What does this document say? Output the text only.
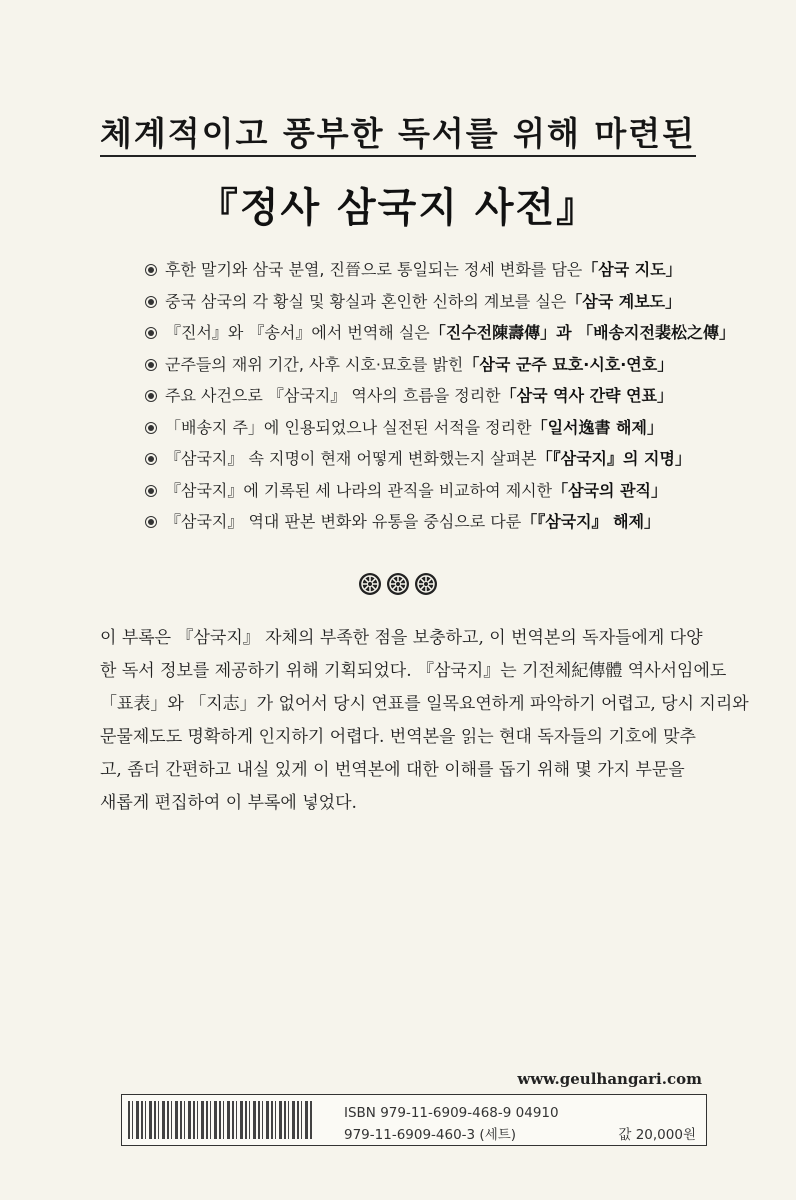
체계적이고 풍부한 독서를 위해 마련된
『정사 삼국지 사전』
후한 말기와 삼국 분열, 진晉으로 통일되는 정세 변화를 담은 「삼국 지도」
중국 삼국의 각 황실 및 황실과 혼인한 신하의 계보를 실은 「삼국 계보도」
『진서』와 『송서』에서 번역해 실은 「진수전陳壽傳」과 「배송지전裴松之傳」
군주들의 재위 기간, 사후 시호·묘호를 밝힌 「삼국 군주 묘호·시호·연호」
주요 사건으로 『삼국지』 역사의 흐름을 정리한 「삼국 역사 간략 연표」
「배송지 주」에 인용되었으나 실전된 서적을 정리한 「일서逸書 해제」
『삼국지』 속 지명이 현재 어떻게 변화했는지 살펴본 「『삼국지』의 지명」
『삼국지』에 기록된 세 나라의 관직을 비교하여 제시한 「삼국의 관직」
『삼국지』 역대 판본 변화와 유통을 중심으로 다룬 「『삼국지』 해제」

이 부록은 『삼국지』 자체의 부족한 점을 보충하고, 이 번역본의 독자들에게 다양
한 독서 정보를 제공하기 위해 기획되었다. 『삼국지』는 기전체紀傳體 역사서임에도
「표表」와 「지志」가 없어서 당시 연표를 일목요연하게 파악하기 어렵고, 당시 지리와
문물제도도 명확하게 인지하기 어렵다. 번역본을 읽는 현대 독자들의 기호에 맞추
고, 좀더 간편하고 내실 있게 이 번역본에 대한 이해를 돕기 위해 몇 가지 부문을
새롭게 편집하여 이 부록에 넣었다.

www.geulhangari.com
ISBN 979-11-6909-468-9 04910
979-11-6909-460-3 (세트)	값 20,000원
